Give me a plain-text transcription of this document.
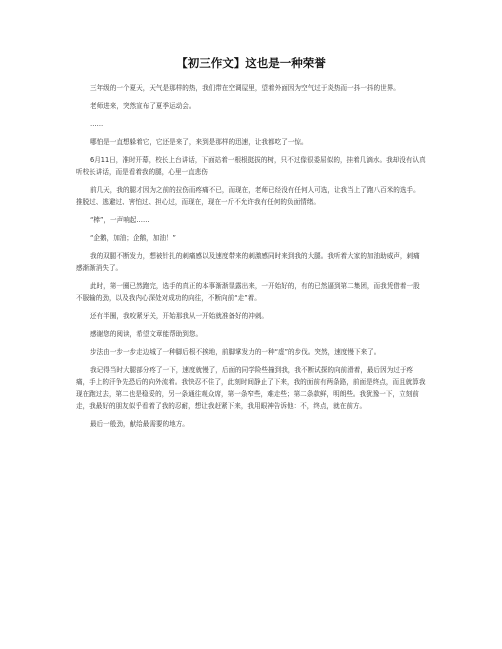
【初三作文】这也是一种荣誉

三年级的一个夏天，天气是那样的热，我们带在空调屋里，望着外面因为空气过于炎热而一抖一抖的世界。

老师进来，突然宣布了夏季运动会。

……

哪怕是一直想躲着它，它还是来了，来到是那样的迅速，让我都吃了一惊。

6月11日，准时开幕，校长上台讲话，下面站着一根根挺拔的树，只不过像很委屈似的，挂着几滴水。我却没有认真听校长讲话，而是看着我的腿，心里一直悲伤

前几天，我的腿才因为之前的拉伤而疼痛不已，而现在，老师已经没有任何人可选，让我当上了跑八百米的选手。推脱过、逃避过、害怕过、担心过，而现在，现在一斤不允许我有任何的负面情绪。

“棒”，一声响起……

“企鹅，加油；企鹅，加油！”

我的双腿不断发力，想被针扎的刺痛感以及速度带来的刺激感同时来到我的大腿。我听着大家的加油助威声，刺痛感渐渐消失了。

此时，第一圈已然跑完，选手的真正的本事渐渐显露出来，一开始好的，有的已然逼到第二集团，而我凭借着一股不服输的劲，以及我内心深处对成功的向往，不断向前“走”着。

还有半圈，我咬紧牙关，开始那我从一开始就准备好的冲刺。

感谢您的阅读，希望文章能帮助到您。

步法由一步一步走边城了一种脚后根不挨地，前脚掌发力的一种“虚”的步伐。突然，速度慢下来了。

我记得当时大腿部分疼了一下，速度就慢了，后面的同学险些撞到我，我不断试探的向前滑着，最后因为过于疼痛，手上的汗争先恐后的向外流着。我快忍不住了，此刻时间静止了下来，我的面前有两条路，前面是终点，而且就算我现在跑过去，第二也是稳妥的，另一条通往观众席，第一条窄些，难走些；第二条款鲜，明朗些。我犹豫一下，立刻前走，我最好的朋友似乎看着了我的忍耐，想让我赶紧下来，我用眼神告诉他：不，终点，就在前方。

最后一般劲，献给最需要的地方。
